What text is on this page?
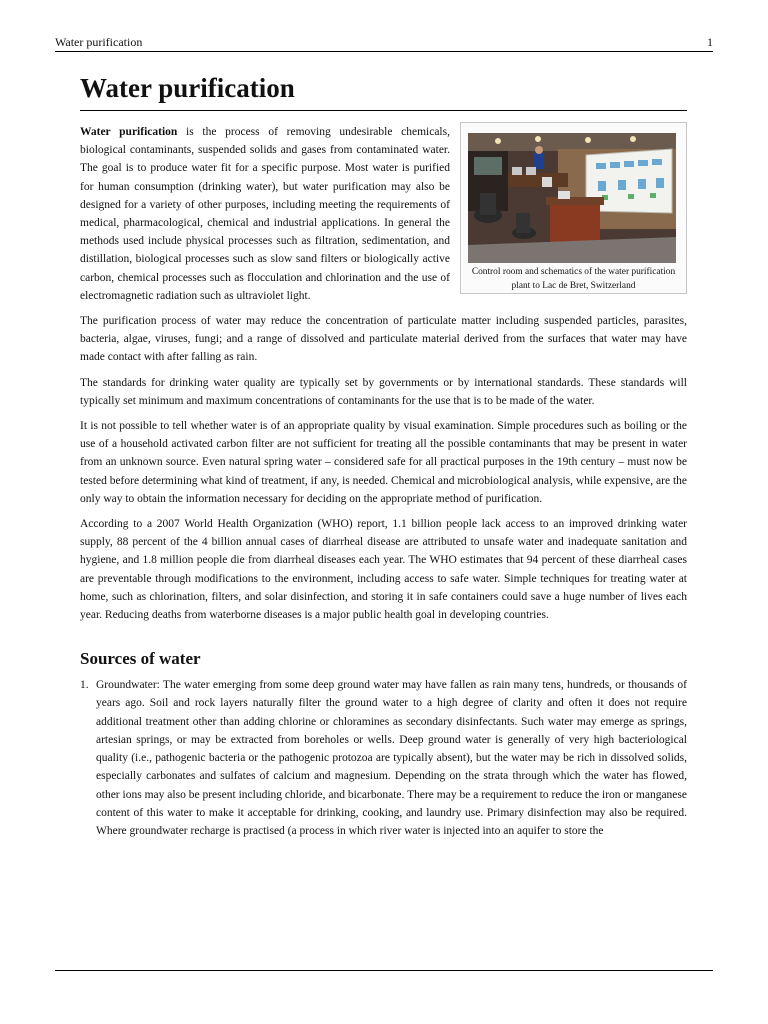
Water purification	1
Water purification
Control room and schematics of the water purification plant to Lac de Bret, Switzerland

Water purification is the process of removing undesirable chemicals, biological contaminants, suspended solids and gases from contaminated water. The goal is to produce water fit for a specific purpose. Most water is purified for human consumption (drinking water), but water purification may also be designed for a variety of other purposes, including meeting the requirements of medical, pharmacological, chemical and industrial applications. In general the methods used include physical processes such as filtration, sedimentation, and distillation, biological processes such as slow sand filters or biologically active carbon, chemical processes such as flocculation and chlorination and the use of electromagnetic radiation such as ultraviolet light.

The purification process of water may reduce the concentration of particulate matter including suspended particles, parasites, bacteria, algae, viruses, fungi; and a range of dissolved and particulate material derived from the surfaces that water may have made contact with after falling as rain.

The standards for drinking water quality are typically set by governments or by international standards. These standards will typically set minimum and maximum concentrations of contaminants for the use that is to be made of the water.

It is not possible to tell whether water is of an appropriate quality by visual examination. Simple procedures such as boiling or the use of a household activated carbon filter are not sufficient for treating all the possible contaminants that may be present in water from an unknown source. Even natural spring water – considered safe for all practical purposes in the 19th century – must now be tested before determining what kind of treatment, if any, is needed. Chemical and microbiological analysis, while expensive, are the only way to obtain the information necessary for deciding on the appropriate method of purification.

According to a 2007 World Health Organization (WHO) report, 1.1 billion people lack access to an improved drinking water supply, 88 percent of the 4 billion annual cases of diarrheal disease are attributed to unsafe water and inadequate sanitation and hygiene, and 1.8 million people die from diarrheal diseases each year. The WHO estimates that 94 percent of these diarrheal cases are preventable through modifications to the environment, including access to safe water. Simple techniques for treating water at home, such as chlorination, filters, and solar disinfection, and storing it in safe containers could save a huge number of lives each year. Reducing deaths from waterborne diseases is a major public health goal in developing countries.

Sources of water
1. Groundwater: The water emerging from some deep ground water may have fallen as rain many tens, hundreds, or thousands of years ago. Soil and rock layers naturally filter the ground water to a high degree of clarity and often it does not require additional treatment other than adding chlorine or chloramines as secondary disinfectants. Such water may emerge as springs, artesian springs, or may be extracted from boreholes or wells. Deep ground water is generally of very high bacteriological quality (i.e., pathogenic bacteria or the pathogenic protozoa are typically absent), but the water may be rich in dissolved solids, especially carbonates and sulfates of calcium and magnesium. Depending on the strata through which the water has flowed, other ions may also be present including chloride, and bicarbonate. There may be a requirement to reduce the iron or manganese content of this water to make it acceptable for drinking, cooking, and laundry use. Primary disinfection may also be required. Where groundwater recharge is practised (a process in which river water is injected into an aquifer to store the
